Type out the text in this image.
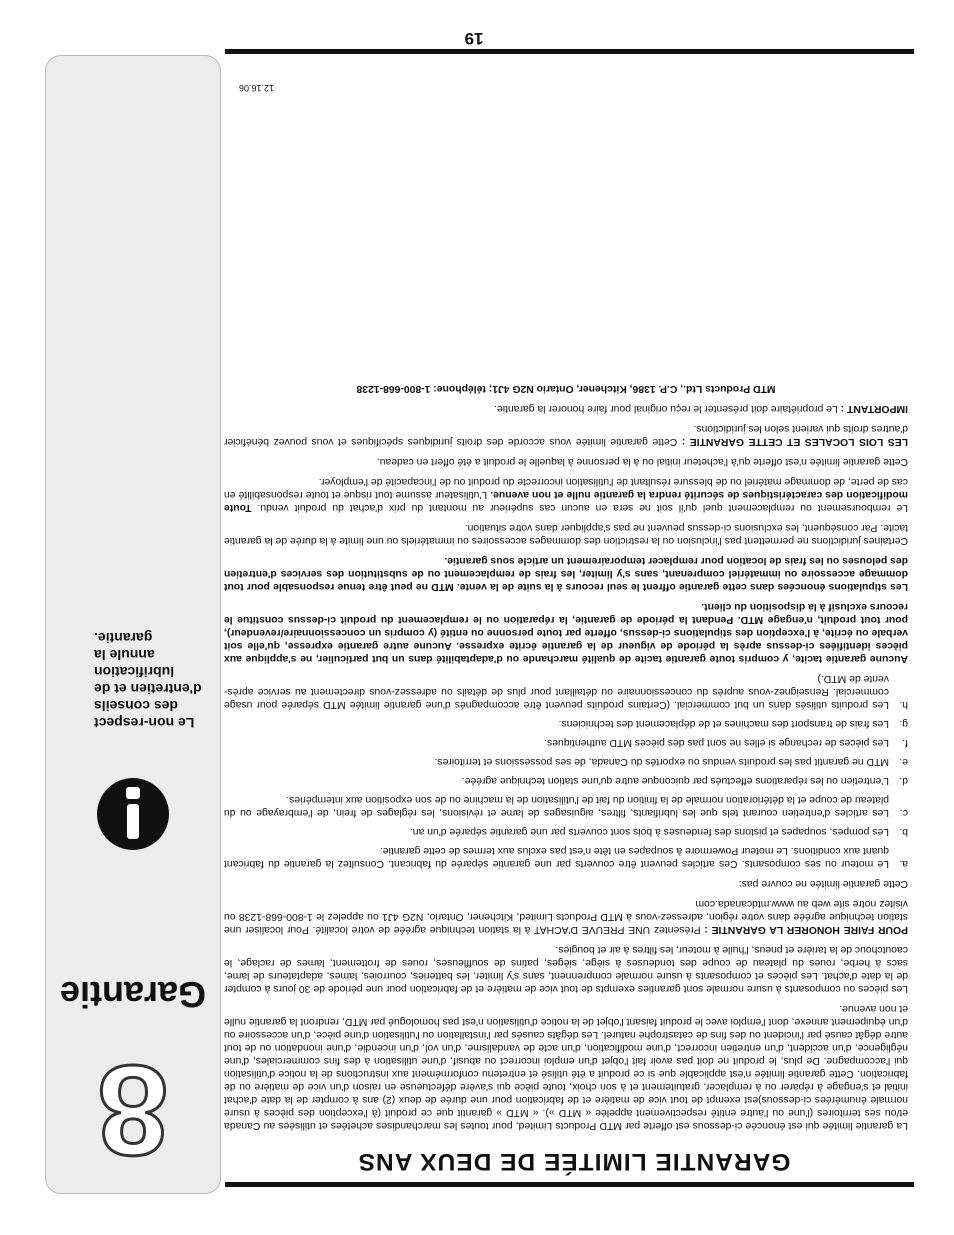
8
Garantie
Le non-respect des conseils d'entretien et de lubrification annule la garantie.
GARANTIE LIMITÉE DE DEUX ANS

La garantie limitée qui est énoncée ci-dessous est offerte par MTD Products Limited, pour toutes les marchandises achetées et utilisées au Canada et/ou ses territoires (l'une ou l'autre entité respectivement appelée « MTD »). « MTD » garantit que ce produit (à l'exception des pièces à usure normale énumérées ci-dessous)est exempt de tout vice de matière et de fabrication pour une durée de deux (2) ans à compter de la date d'achat initial et s'engage à réparer ou à remplacer, gratuitement et à son choix, toute pièce qui s'avère défectueuse en raison d'un vice de matière ou de fabrication. Cette garantie limitée n'est applicable que si ce produit a été utilisé et entretenu conformément aux instructions de la notice d'utilisation qui l'accompagne. De plus, le produit ne doit pas avoir fait l'objet d'un emploi incorrect ou abusif, d'une utilisation à des fins commerciales, d'une négligence, d'un accident, d'un entretien incorrect, d'une modification, d'un acte de vandalisme, d'un vol, d'un incendie, d'une inondation ou de tout autre dégât causé par l'incident ou des fins de catastrophe naturel. Les dégâts causés par l'installation ou l'utilisation d'une pièce, d'un accessoire ou d'un équipement annexe, dont l'emploi avec le produit faisant l'objet de la notice d'utilisation n'est pas homologué par MTD, rendront la garantie nulle et non avenue.

Les pièces ou composants à usure normale sont garanties exempts de tout vice de matière et de fabrication pour une période de 30 jours à compter de la date d'achat. Les pièces et composants à usure normale comprennent, sans s'y limiter, les batteries, courroies, lames, adaptateurs de lame, sacs à herbe, roues du plateau de coupe des tondeuses à siège, sièges, patins de souffleuses, roues de frottement, lames de raclage, le caoutchouc de la tarière et pneus, l'huile à moteur, les filtres à air et bougies.

POUR FAIRE HONORER LA GARANTIE : Présentez UNE PREUVE D'ACHAT à la station technique agréée de votre localité. Pour localiser une station technique agréée dans votre région, adressez-vous à MTD Products Limited, Kitchener, Ontario, N2G 4J1 ou appelez le 1-800-668-1238 ou visitez notre site web au www.mtdcanada.com

Cette garantie limitée ne couvre pas:

a.
Le moteur ou ses composants. Ces articles peuvent être couverts par une garantie séparée du fabricant. Consultez la garantie du fabricant quant aux conditions. Le moteur Powermore à soupapes en tête n'est pas exclus aux termes de cette garantie.
b.
Les pompes, soupapes et pistons des fendeuses à bois sont couverts par une garantie séparée d'un an.
c.
Les articles d'entretien courant tels que les lubrifiants, filtres, aiguisages de lame et révisions, les réglages de frein, de l'embrayage ou du plateau de coupe et la détérioration normale de la finition du fait de l'utilisation de la machine ou de son exposition aux intempéries.
d.
L'entretien ou les réparations effectués par quiconque autre qu'une station technique agréée.
e.
MTD ne garantit pas les produits vendus ou exportés du Canada, de ses possessions et territoires.
f.
Les pièces de rechange si elles ne sont pas des pièces MTD authentiques.
g.
Les frais de transport des machines et de déplacement des techniciens.
h.
Les produits utilisés dans un but commercial. (Certains produits peuvent être accompagnés d'une garantie limitée MTD séparée pour usage commercial. Renseignez-vous auprès du concessionnaire ou détaillant pour plus de détails ou adressez-vous directement au service après-vente de MTD.)

Aucune garantie tacite, y compris toute garantie tacite de qualité marchande ou d'adaptabilité dans un but particulier, ne s'applique aux pièces identifiées ci-dessus après la période de vigueur de la garantie écrite expresse. Aucune autre garantie expresse, qu'elle soit verbale ou écrite, à l'exception des stipulations ci-dessus, offerte par toute personne ou entité (y compris un concessionnaire/revendeur), pour tout produit, n'engage MTD. Pendant la période de garantie, la réparation ou le remplacement du produit ci-dessus constitue le recours exclusif à la disposition du client.

Les stipulations énoncées dans cette garantie offrent le seul recours à la suite de la vente. MTD ne peut être tenue responsable pour tout dommage accessoire ou immatériel comprenant, sans s'y limiter, les frais de remplacement ou de substitution des services d'entretien des pelouses ou les frais de location pour remplacer temporairement un article sous garantie.

Certaines juridictions ne permettent pas l'inclusion ou la restriction des dommages accessoires ou immatériels ou une limite à la durée de la garantie tacite. Par conséquent, les exclusions ci-dessus peuvent ne pas s'appliquer dans votre situation.

Le remboursement ou remplacement quel qu'il soit ne sera en aucun cas supérieur au montant du prix d'achat du produit vendu. Toute modification des caractéristiques de sécurité rendra la garantie nulle et non avenue. L'utilisateur assume tout risque et toute responsabilité en cas de perte, de dommage matériel ou de blessure résultant de l'utilisation incorrecte du produit ou de l'incapacité de l'employer.

Cette garantie limitée n'est offerte qu'à l'acheteur initial ou à la personne à laquelle le produit a été offert en cadeau.

LES LOIS LOCALES ET CETTE GARANTIE : Cette garantie limitée vous accorde des droits juridiques spécifiques et vous pouvez bénéficier d'autres droits qui varient selon les juridictions.

IMPORTANT : Le propriétaire doit présenter le reçu original pour faire honorer la garantie.

MTD Products Ltd., C.P. 1386, Kitchener, Ontario N2G 4J1; téléphone: 1-800-668-1238

12.16.06
19
